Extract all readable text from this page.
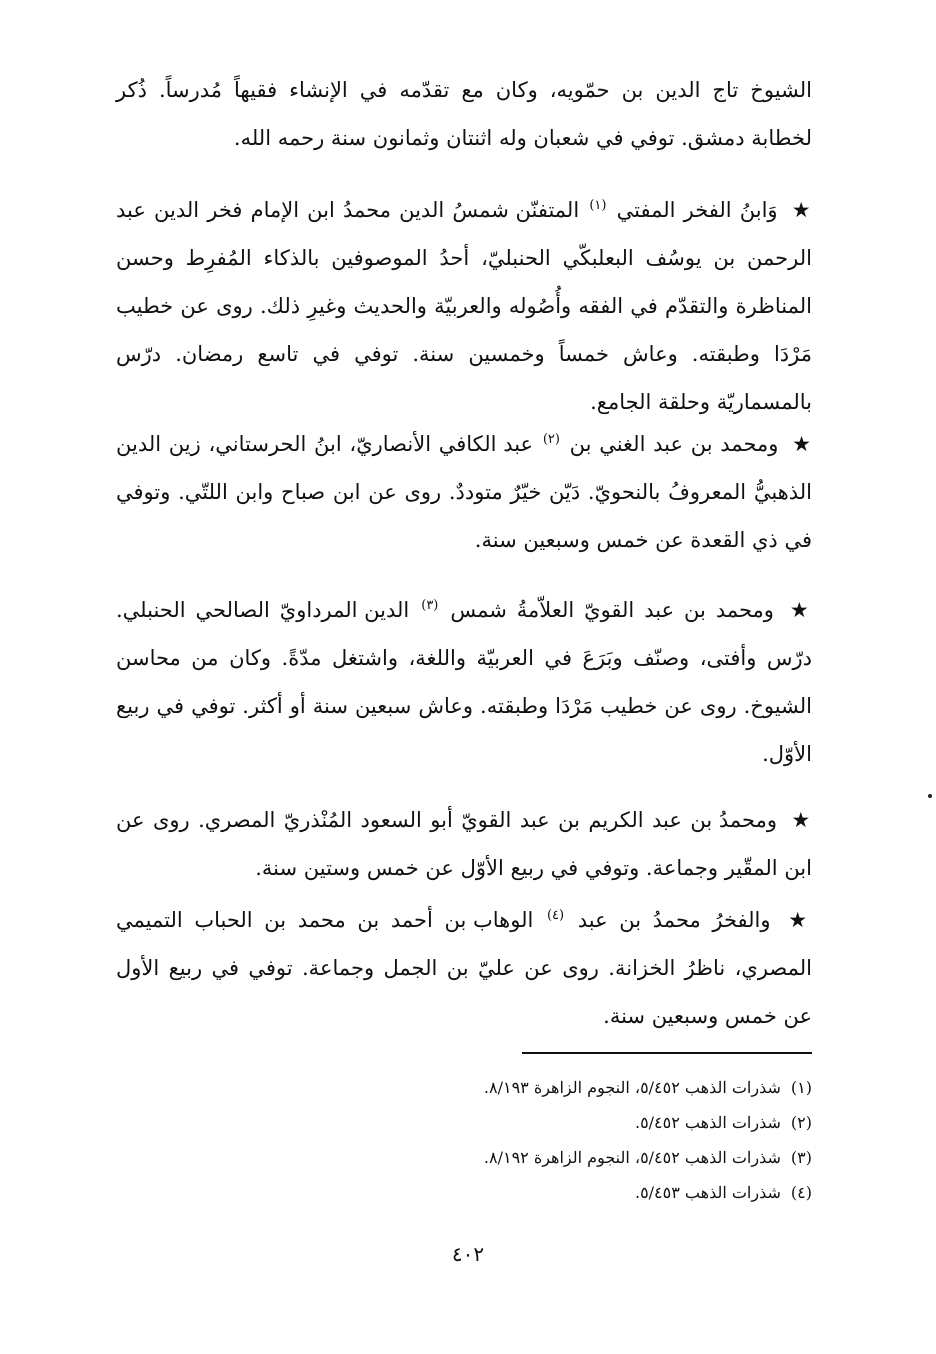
الشيوخ تاج الدين بن حمّويه، وكان مع تقدّمه في الإنشاء فقيهاً مُدرساً. ذُكر لخطابة دمشق. توفي في شعبان وله اثنتان وثمانون سنة رحمه الله.

★ وَابنُ الفخر المفتي $^{(١)}$ المتفنّن شمسُ الدين محمدُ ابن الإمام فخر الدين عبد الرحمن بن يوسُف البعلبكّي الحنبليّ، أحدُ الموصوفين بالذكاء المُفرِط وحسن المناظرة والتقدّم في الفقه وأُصُوله والعربيّة والحديث وغيرِ ذلك. روى عن خطيب مَرْدَا وطبقته. وعاش خمساً وخمسين سنة. توفي في تاسع رمضان. درّس بالمسماريّة وحلقة الجامع.

★ ومحمد بن عبد الغني بن $^{(٢)}$ عبد الكافي الأنصاريّ، ابنُ الحرستاني، زين الدين الذهبيُّ المعروفُ بالنحويّ. دَيّن خيّرٌ متوددٌ. روى عن ابن صباح وابن اللتّي. وتوفي في ذي القعدة عن خمس وسبعين سنة.

★ ومحمد بن عبد القويّ العلاّمةُ شمس $^{(٣)}$ الدين المرداويّ الصالحي الحنبلي. درّس وأفتى، وصنّف وبَرَعَ في العربيّة واللغة، واشتغل مدّةً. وكان من محاسن الشيوخ. روى عن خطيب مَرْدَا وطبقته. وعاش سبعين سنة أو أكثر. توفي في ربيع الأوّل.

★ ومحمدُ بن عبد الكريم بن عبد القويّ أبو السعود المُنْذريّ المصري. روى عن ابن المقّير وجماعة. وتوفي في ربيع الأوّل عن خمس وستين سنة.

★ والفخرُ محمدُ بن عبد $^{(٤)}$ الوهاب بن أحمد بن محمد بن الحباب التميمي المصري، ناظرُ الخزانة. روى عن عليّ بن الجمل وجماعة. توفي في ربيع الأول عن خمس وسبعين سنة.

(١)شذرات الذهب ٥/٤٥٢، النجوم الزاهرة ٨/١٩٣.
(٢)شذرات الذهب ٥/٤٥٢.
(٣)شذرات الذهب ٥/٤٥٢، النجوم الزاهرة ٨/١٩٢.
(٤)شذرات الذهب ٥/٤٥٣.
٤٠٢
